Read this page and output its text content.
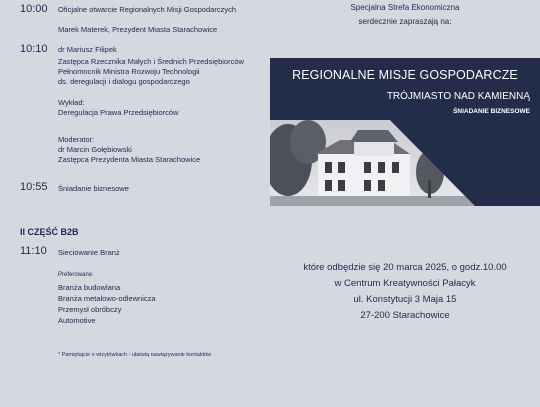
Specjalna Strefa Ekonomiczna
serdecznie zapraszają na:
10:00 Oficjalne otwarcie Regionalnych Misji Gospodarczych
Marek Materek, Prezydent Miasta Starachowice
10:10 dr Mariusz Filipek
Zastępca Rzecznika Małych i Średnich Przedsiębiorców
Pełnomocnik Ministra Rozwoju Technologii
ds. deregulacji i dialogu gospodarczego
Wykład:
Deregulacja Prawa Przedsiębiorców
Moderator:
dr Marcin Gołębiowski
Zastępca Prezydenta Miasta Starachowice
10:55 Śniadanie biznesowe
II CZĘŚĆ B2B
11:10 Sieciowanie Branż
Preferowane:
Branża budowlana
Branża metalowo-odlewnicza
Przemysł obróbczy
Automotive
* Pamiętajcie o wizytówkach - ułatwią nawiązywanie kontaktów
REGIONALNE MISJE GOSPODARCZE
TRÓJMIASTO NAD KAMIENNĄ
ŚNIADANIE BIZNESOWE
które odbędzie się 20 marca 2025, o godz.10.00
w Centrum Kreatywności Pałacyk
ul. Konstytucji 3 Maja 15
27-200 Starachowice
